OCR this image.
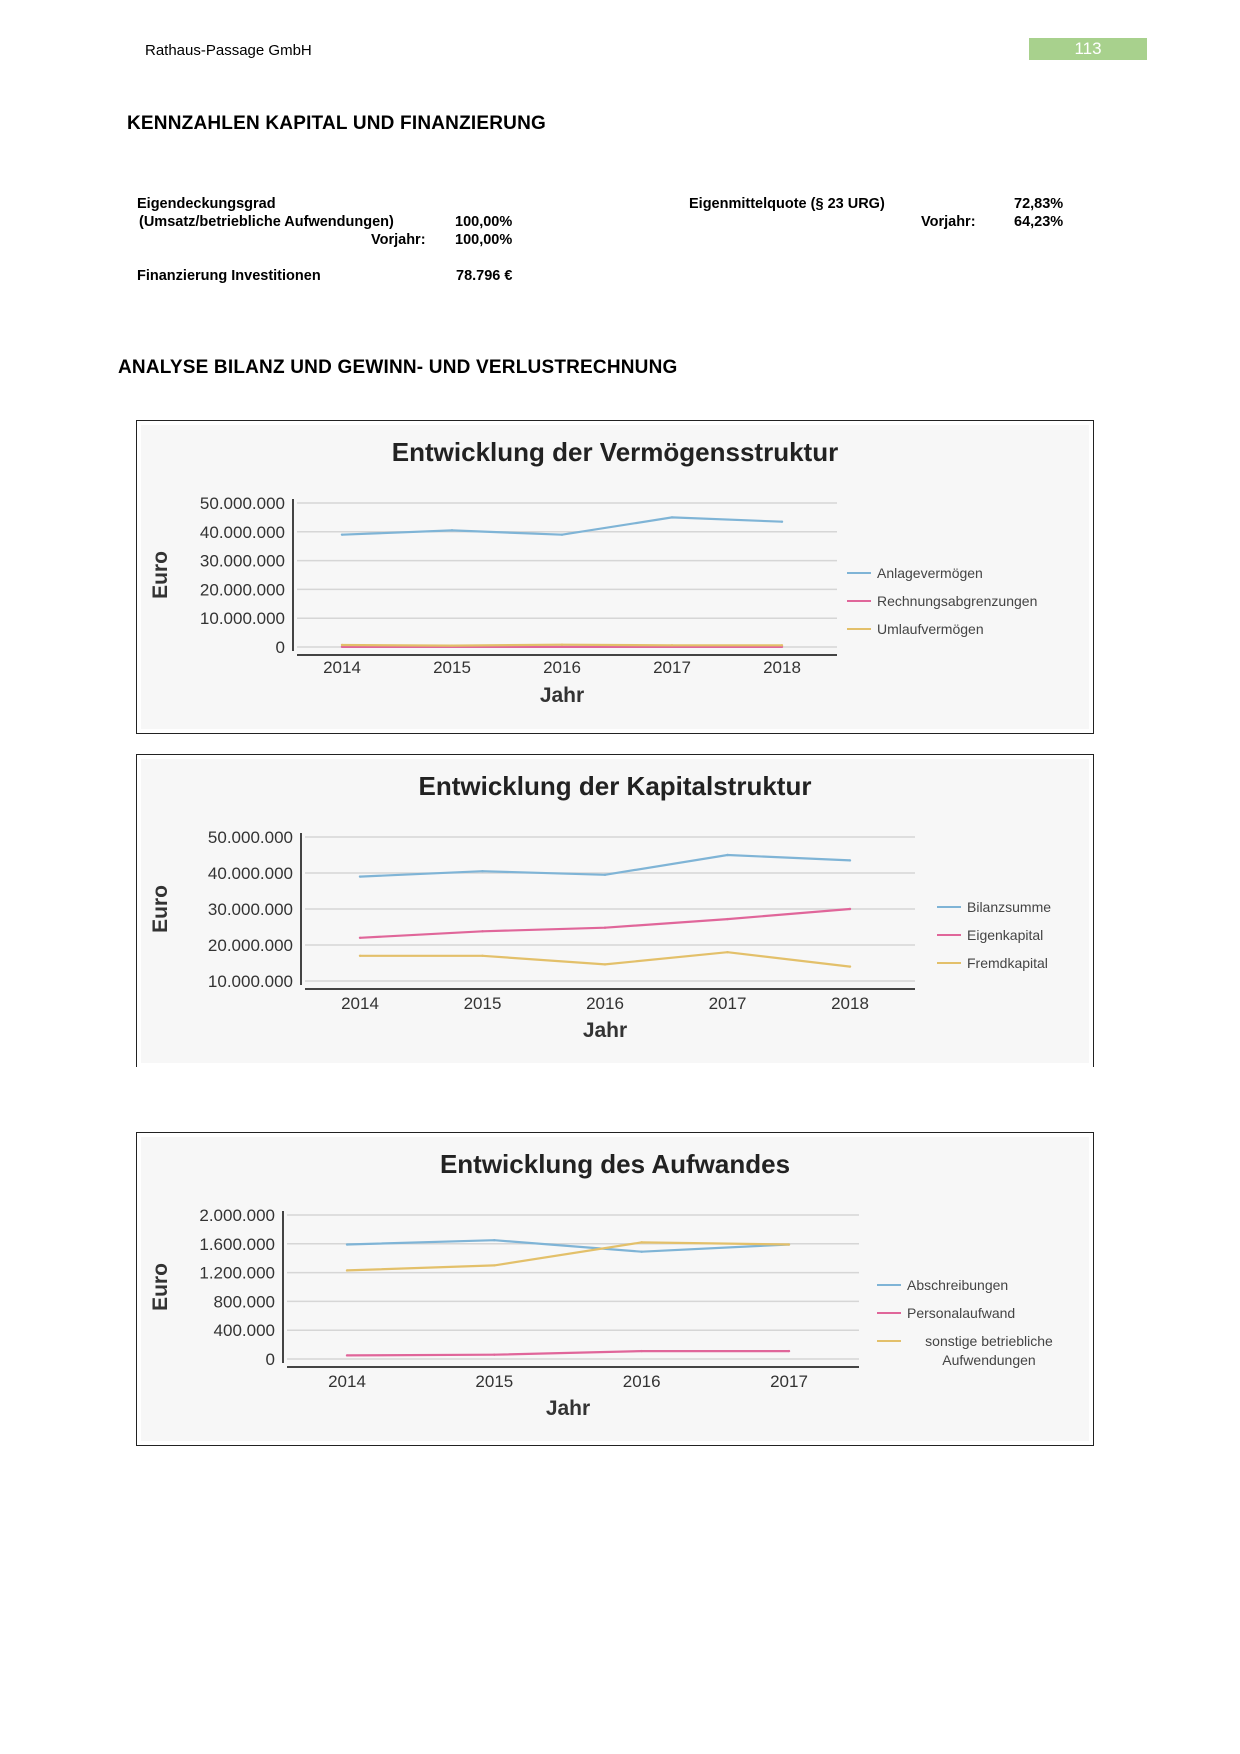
Rathaus-Passage GmbH	113
KENNZAHLEN KAPITAL UND FINANZIERUNG
Eigendeckungsgrad
(Umsatz/betriebliche Aufwendungen)	100,00%
Vorjahr: 100,00%
Finanzierung Investitionen	78.796 €
Eigenmittelquote (§ 23 URG)	72,83%
Vorjahr:	64,23%
ANALYSE BILANZ UND GEWINN- UND VERLUSTRECHNUNG
Entwicklung der Vermögensstruktur
0
10.000.000
20.000.000
30.000.000
40.000.000
50.000.000
2014	2015	2016	2017	2018
Jahr
Euro	Anlagevermögen
Rechnungsabgrenzungen
Umlaufvermögen
Entwicklung der Kapitalstruktur
10.000.000
20.000.000
30.000.000
40.000.000
50.000.000
2014	2015	2016	2017	2018
Jahr
Euro	Bilanzsumme
Eigenkapital
Fremdkapital
Entwicklung des Aufwandes
0
400.000
800.000
1.200.000
1.600.000
2.000.000
2014	2015	2016	2017
Jahr
Euro	Abschreibungen
Personalaufwand
sonstige betriebliche Aufwendungen
